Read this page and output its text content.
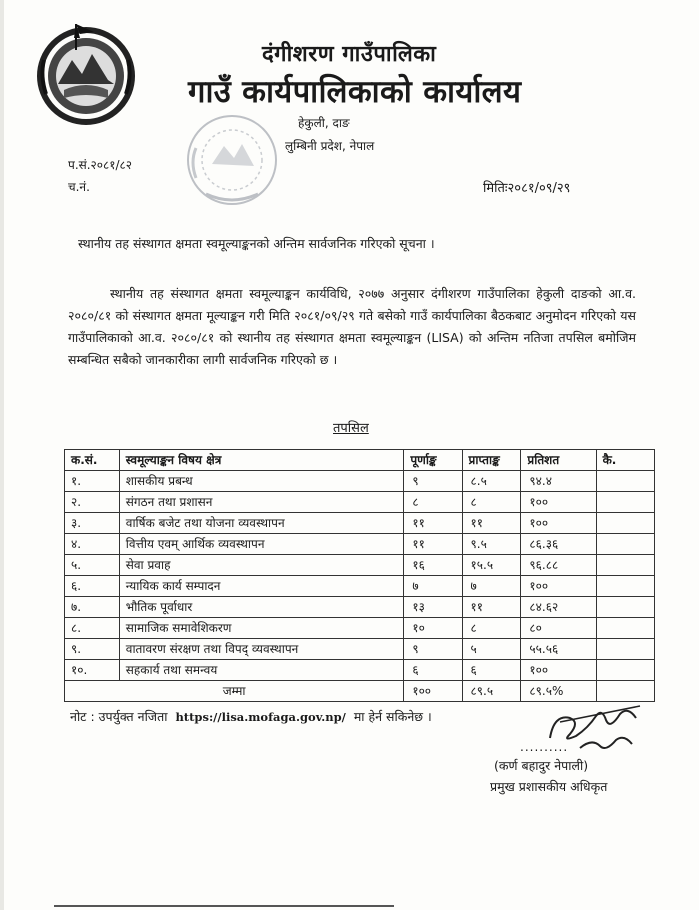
दंगीशरण गाउँपालिका
गाउँ कार्यपालिकाको कार्यालय
हेकुली, दाङ
लुम्बिनी प्रदेश, नेपाल
प.सं.२०८१/८२
च.नं.	मितिः२०८१/०९/२९
स्थानीय तह संस्थागत क्षमता स्वमूल्याङ्कनको अन्तिम सार्वजनिक गरिएको सूचना ।

स्थानीय तह संस्थागत क्षमता स्वमूल्याङ्कन कार्यविधि, २०७७ अनुसार दंगीशरण गाउँपालिका हेकुली दाङको आ.व. २०८०/८१ को संस्थागत क्षमता मूल्याङ्कन गरी मिति २०८१/०९/२९ गते बसेको गाउँ कार्यपालिका बैठकबाट अनुमोदन गरिएको यस गाउँपालिकाको आ.व. २०८०/८१ को स्थानीय तह संस्थागत क्षमता स्वमूल्याङ्कन (LISA) को अन्तिम नतिजा तपसिल बमोजिम सम्बन्धित सबैको जानकारीका लागी सार्वजनिक गरिएको छ ।

तपसिल
क.सं.	स्वमूल्याङ्कन विषय क्षेत्र	पूर्णाङ्क	प्राप्ताङ्क	प्रतिशत	कै.
१.	शासकीय प्रबन्ध	९	८.५	९४.४	
२.	संगठन तथा प्रशासन	८	८	१००	
३.	वार्षिक बजेट तथा योजना व्यवस्थापन	११	११	१००	
४.	वित्तीय एवम् आर्थिक व्यवस्थापन	११	९.५	८६.३६	
५.	सेवा प्रवाह	१६	१५.५	९६.८८	
६.	न्यायिक कार्य सम्पादन	७	७	१००	
७.	भौतिक पूर्वाधार	१३	११	८४.६२	
८.	सामाजिक समावेशिकरण	१०	८	८०	
९.	वातावरण संरक्षण तथा विपद् व्यवस्थापन	९	५	५५.५६	
१०.	सहकार्य तथा समन्वय	६	६	१००	
जम्मा		१००	८९.५	८९.५%	
नोट : उपर्युक्त नजिता https://lisa.mofaga.gov.np/ मा हेर्न सकिनेछ ।
..........
(कर्ण बहादुर नेपाली)
प्रमुख प्रशासकीय अधिकृत
